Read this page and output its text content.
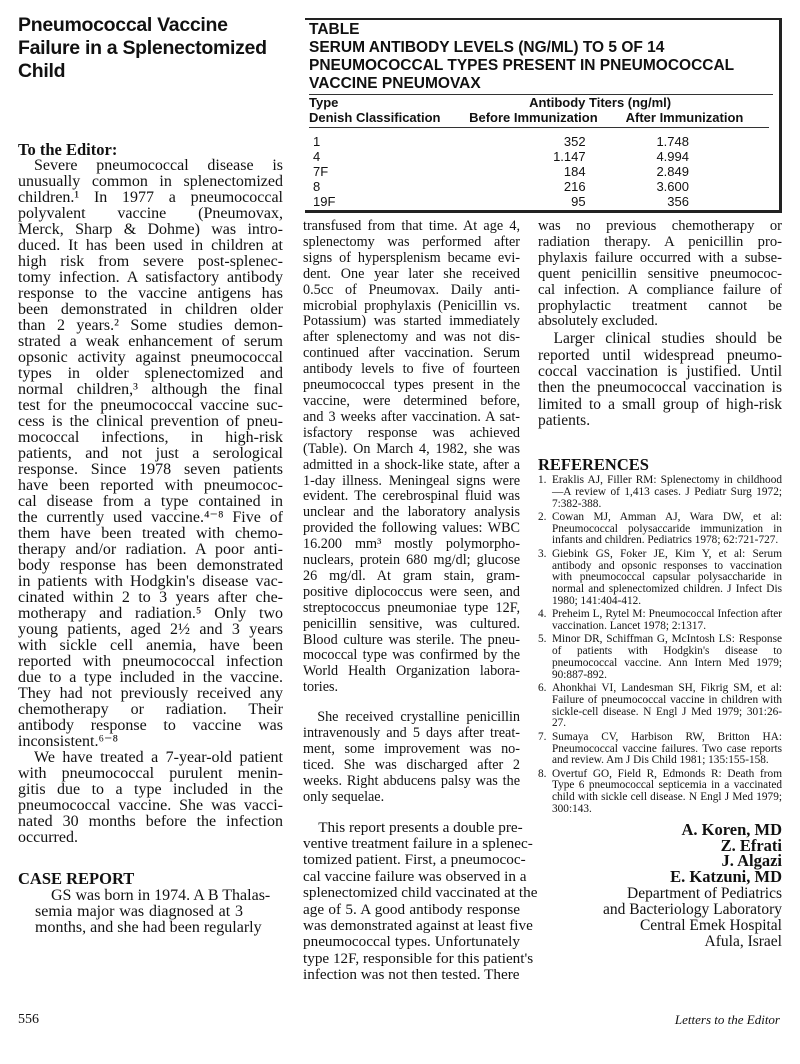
Pneumococcal Vaccine Failure in a Splenectomized Child
To the Editor:
Severe pneumococcal disease is
unusually common in splenectomized
children.¹ In 1977 a pneumococcal
polyvalent vaccine (Pneumovax,
Merck, Sharp & Dohme) was intro-
duced. It has been used in children at
high risk from severe post-splenec-
tomy infection. A satisfactory antibody
response to the vaccine antigens has
been demonstrated in children older
than 2 years.² Some studies demon-
strated a weak enhancement of serum
opsonic activity against pneumococcal
types in older splenectomized and
normal children,³ although the final
test for the pneumococcal vaccine suc-
cess is the clinical prevention of pneu-
mococcal infections, in high-risk
patients, and not just a serological
response. Since 1978 seven patients
have been reported with pneumococ-
cal disease from a type contained in
the currently used vaccine.⁴⁻⁸ Five of
them have been treated with chemo-
therapy and/or radiation. A poor anti-
body response has been demonstrated
in patients with Hodgkin's disease vac-
cinated within 2 to 3 years after che-
motherapy and radiation.⁵ Only two
young patients, aged 2½ and 3 years
with sickle cell anemia, have been
reported with pneumococcal infection
due to a type included in the vaccine.
They had not previously received any
chemotherapy or radiation. Their
antibody response to vaccine was
inconsistent.⁶⁻⁸
We have treated a 7-year-old patient
with pneumococcal purulent menin-
gitis due to a type included in the
pneumococcal vaccine. She was vacci-
nated 30 months before the infection
occurred.
CASE REPORT
GS was born in 1974. A B Thalas-
semia major was diagnosed at 3
months, and she had been regularly
TABLE
SERUM ANTIBODY LEVELS (NG/ML) TO 5 OF 14
PNEUMOCOCCAL TYPES PRESENT IN PNEUMOCOCCAL
VACCINE PNEUMOVAX
Type	Antibody Titers (ng/ml)	
Denish Classification	Before Immunization	After Immunization

1	352	1.748
4	1.147	4.994
7F	184	2.849
8	216	3.600
19F	95	356
transfused from that time. At age 4,
splenectomy was performed after
signs of hypersplenism became evi-
dent. One year later she received
0.5cc of Pneumovax. Daily anti-
microbial prophylaxis (Penicillin vs.
Potassium) was started immediately
after splenectomy and was not dis-
continued after vaccination. Serum
antibody levels to five of fourteen
pneumococcal types present in the
vaccine, were determined before,
and 3 weeks after vaccination. A sat-
isfactory response was achieved
(Table). On March 4, 1982, she was
admitted in a shock-like state, after a
1-day illness. Meningeal signs were
evident. The cerebrospinal fluid was
unclear and the laboratory analysis
provided the following values: WBC
16.200 mm³ mostly polymorpho-
nuclears, protein 680 mg/dl; glucose
26 mg/dl. At gram stain, gram-
positive diplococcus were seen, and
streptococcus pneumoniae type 12F,
penicillin sensitive, was cultured.
Blood culture was sterile. The pneu-
mococcal type was confirmed by the
World Health Organization labora-
tories.
She received crystalline penicillin
intravenously and 5 days after treat-
ment, some improvement was no-
ticed. She was discharged after 2
weeks. Right abducens palsy was the
only sequelae.
This report presents a double pre-
ventive treatment failure in a splenec-
tomized patient. First, a pneumococ-
cal vaccine failure was observed in a
splenectomized child vaccinated at the
age of 5. A good antibody response
was demonstrated against at least five
pneumococcal types. Unfortunately
type 12F, responsible for this patient's
infection was not then tested. There
was no previous chemotherapy or
radiation therapy. A penicillin pro-
phylaxis failure occurred with a subse-
quent penicillin sensitive pneumococ-
cal infection. A compliance failure of
prophylactic treatment cannot be
absolutely excluded.
Larger clinical studies should be
reported until widespread pneumo-
coccal vaccination is justified. Until
then the pneumococcal vaccination is
limited to a small group of high-risk
patients.
REFERENCES
1. Eraklis AJ, Filler RM: Splenectomy in childhood—A review of 1,413 cases. J Pediatr Surg 1972; 7:382-388.
2. Cowan MJ, Amman AJ, Wara DW, et al: Pneumococcal polysaccaride immunization in infants and children. Pediatrics 1978; 62:721-727.
3. Giebink GS, Foker JE, Kim Y, et al: Serum antibody and opsonic responses to vaccination with pneumococcal capsular polysaccharide in normal and splenectomized children. J Infect Dis 1980; 141:404-412.
4. Preheim L, Rytel M: Pneumococcal Infection after vaccination. Lancet 1978; 2:1317.
5. Minor DR, Schiffman G, McIntosh LS: Response of patients with Hodgkin's disease to pneumococcal vaccine. Ann Intern Med 1979; 90:887-892.
6. Ahonkhai VI, Landesman SH, Fikrig SM, et al: Failure of pneumococcal vaccine in children with sickle-cell disease. N Engl J Med 1979; 301:26-27.
7. Sumaya CV, Harbison RW, Britton HA: Pneumococcal vaccine failures. Two case reports and review. Am J Dis Child 1981; 135:155-158.
8. Overtuf GO, Field R, Edmonds R: Death from Type 6 pneumococcal septicemia in a vaccinated child with sickle cell disease. N Engl J Med 1979; 300:143.
A. Koren, MD
Z. Efrati
J. Algazi
E. Katzuni, MD
Department of Pediatrics
and Bacteriology Laboratory
Central Emek Hospital
Afula, Israel
556	Letters to the Editor
